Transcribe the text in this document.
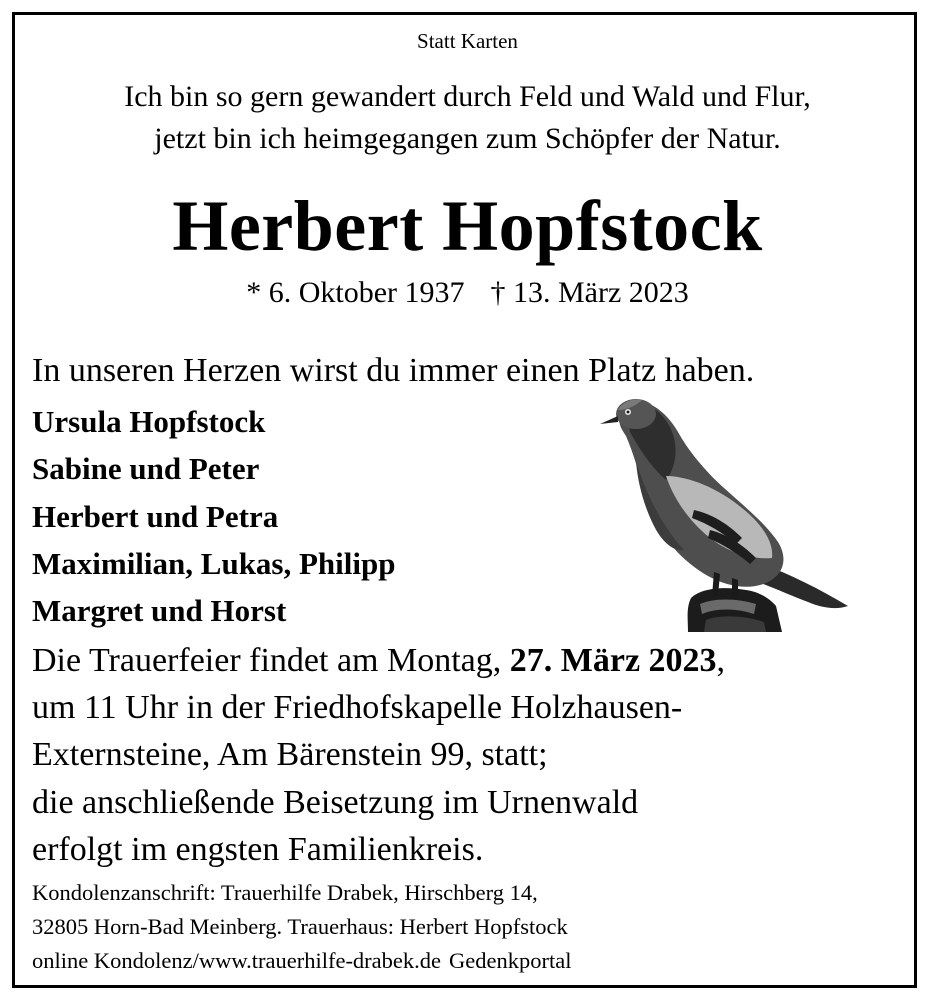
Statt Karten
Ich bin so gern gewandert durch Feld und Wald und Flur,
jetzt bin ich heimgegangen zum Schöpfer der Natur.
Herbert Hopfstock
* 6. Oktober 1937 † 13. März 2023
In unseren Herzen wirst du immer einen Platz haben.
Ursula Hopfstock
Sabine und Peter
Herbert und Petra
Maximilian, Lukas, Philipp
Margret und Horst
Die Trauerfeier findet am Montag, 27. März 2023,
um 11 Uhr in der Friedhofskapelle Holzhausen-
Externsteine, Am Bärenstein 99, statt;
die anschließende Beisetzung im Urnenwald
erfolgt im engsten Familienkreis.
Kondolenzanschrift: Trauerhilfe Drabek, Hirschberg 14,
32805 Horn-Bad Meinberg. Trauerhaus: Herbert Hopfstock
online Kondolenz/www.trauerhilfe-drabek.de Gedenkportal
